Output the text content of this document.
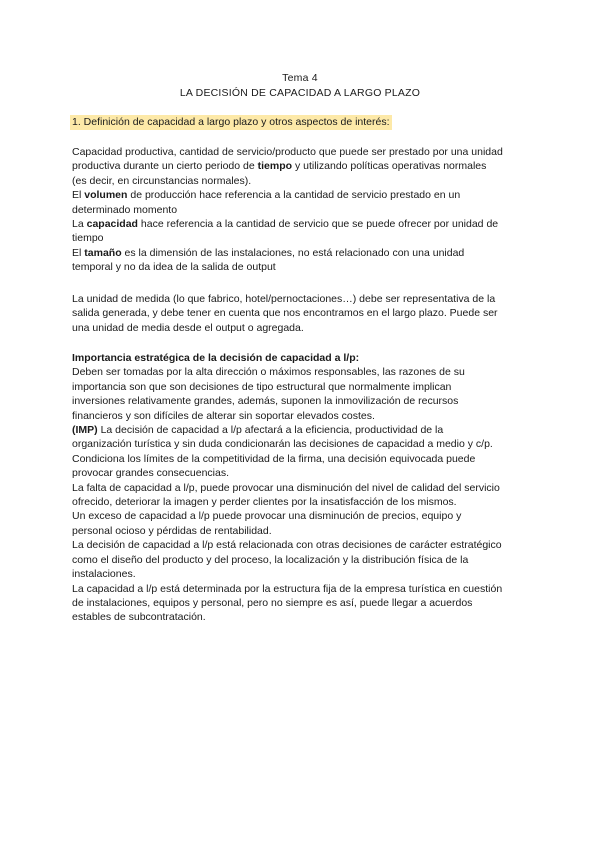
Tema 4
LA DECISIÓN DE CAPACIDAD A LARGO PLAZO
1. Definición de capacidad a largo plazo y otros aspectos de interés:
Capacidad productiva, cantidad de servicio/producto que puede ser prestado por una unidad
productiva durante un cierto periodo de tiempo y utilizando políticas operativas normales
(es decir, en circunstancias normales).
El volumen de producción hace referencia a la cantidad de servicio prestado en un
determinado momento
La capacidad hace referencia a la cantidad de servicio que se puede ofrecer por unidad de
tiempo
El tamaño es la dimensión de las instalaciones, no está relacionado con una unidad
temporal y no da idea de la salida de output
La unidad de medida (lo que fabrico, hotel/pernoctaciones…) debe ser representativa de la
salida generada, y debe tener en cuenta que nos encontramos en el largo plazo. Puede ser
una unidad de media desde el output o agregada.
Importancia estratégica de la decisión de capacidad a l/p:
Deben ser tomadas por la alta dirección o máximos responsables, las razones de su
importancia son que son decisiones de tipo estructural que normalmente implican
inversiones relativamente grandes, además, suponen la inmovilización de recursos
financieros y son difíciles de alterar sin soportar elevados costes.
(IMP) La decisión de capacidad a l/p afectará a la eficiencia, productividad de la
organización turística y sin duda condicionarán las decisiones de capacidad a medio y c/p.
Condiciona los límites de la competitividad de la firma, una decisión equivocada puede
provocar grandes consecuencias.
La falta de capacidad a l/p, puede provocar una disminución del nivel de calidad del servicio
ofrecido, deteriorar la imagen y perder clientes por la insatisfacción de los mismos.
Un exceso de capacidad a l/p puede provocar una disminución de precios, equipo y
personal ocioso y pérdidas de rentabilidad.
La decisión de capacidad a l/p está relacionada con otras decisiones de carácter estratégico
como el diseño del producto y del proceso, la localización y la distribución física de la
instalaciones.
La capacidad a l/p está determinada por la estructura fija de la empresa turística en cuestión
de instalaciones, equipos y personal, pero no siempre es así, puede llegar a acuerdos
estables de subcontratación.
